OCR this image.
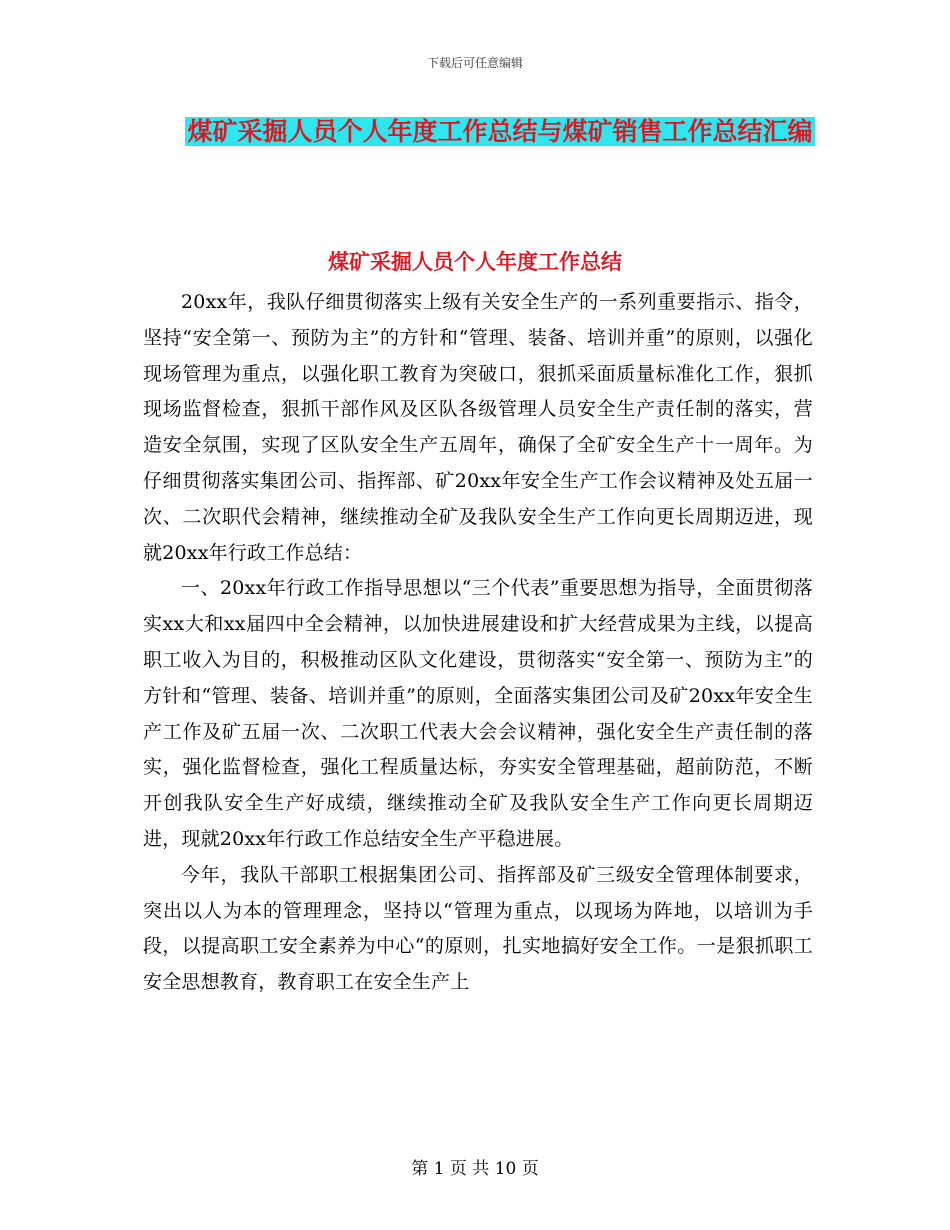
下载后可任意编辑
煤矿采掘人员个人年度工作总结与煤矿销售工作总结汇编
煤矿采掘人员个人年度工作总结

20xx年，我队仔细贯彻落实上级有关安全生产的一系列重要指示、指令，坚持“安全第一、预防为主”的方针和“管理、装备、培训并重”的原则，以强化现场管理为重点，以强化职工教育为突破口，狠抓采面质量标准化工作，狠抓现场监督检查，狠抓干部作风及区队各级管理人员安全生产责任制的落实，营造安全氛围，实现了区队安全生产五周年，确保了全矿安全生产十一周年。为仔细贯彻落实集团公司、指挥部、矿20xx年安全生产工作会议精神及处五届一次、二次职代会精神，继续推动全矿及我队安全生产工作向更长周期迈进，现就20xx年行政工作总结：

一、20xx年行政工作指导思想以“三个代表”重要思想为指导，全面贯彻落实xx大和xx届四中全会精神，以加快进展建设和扩大经营成果为主线，以提高职工收入为目的，积极推动区队文化建设，贯彻落实“安全第一、预防为主”的方针和“管理、装备、培训并重”的原则，全面落实集团公司及矿20xx年安全生产工作及矿五届一次、二次职工代表大会会议精神，强化安全生产责任制的落实，强化监督检查，强化工程质量达标，夯实安全管理基础，超前防范，不断开创我队安全生产好成绩，继续推动全矿及我队安全生产工作向更长周期迈进，现就20xx年行政工作总结安全生产平稳进展。

今年，我队干部职工根据集团公司、指挥部及矿三级安全管理体制要求，突出以人为本的管理理念，坚持以“管理为重点，以现场为阵地，以培训为手段，以提高职工安全素养为中心“的原则，扎实地搞好安全工作。一是狠抓职工安全思想教育，教育职工在安全生产上

第 1 页 共 10 页
